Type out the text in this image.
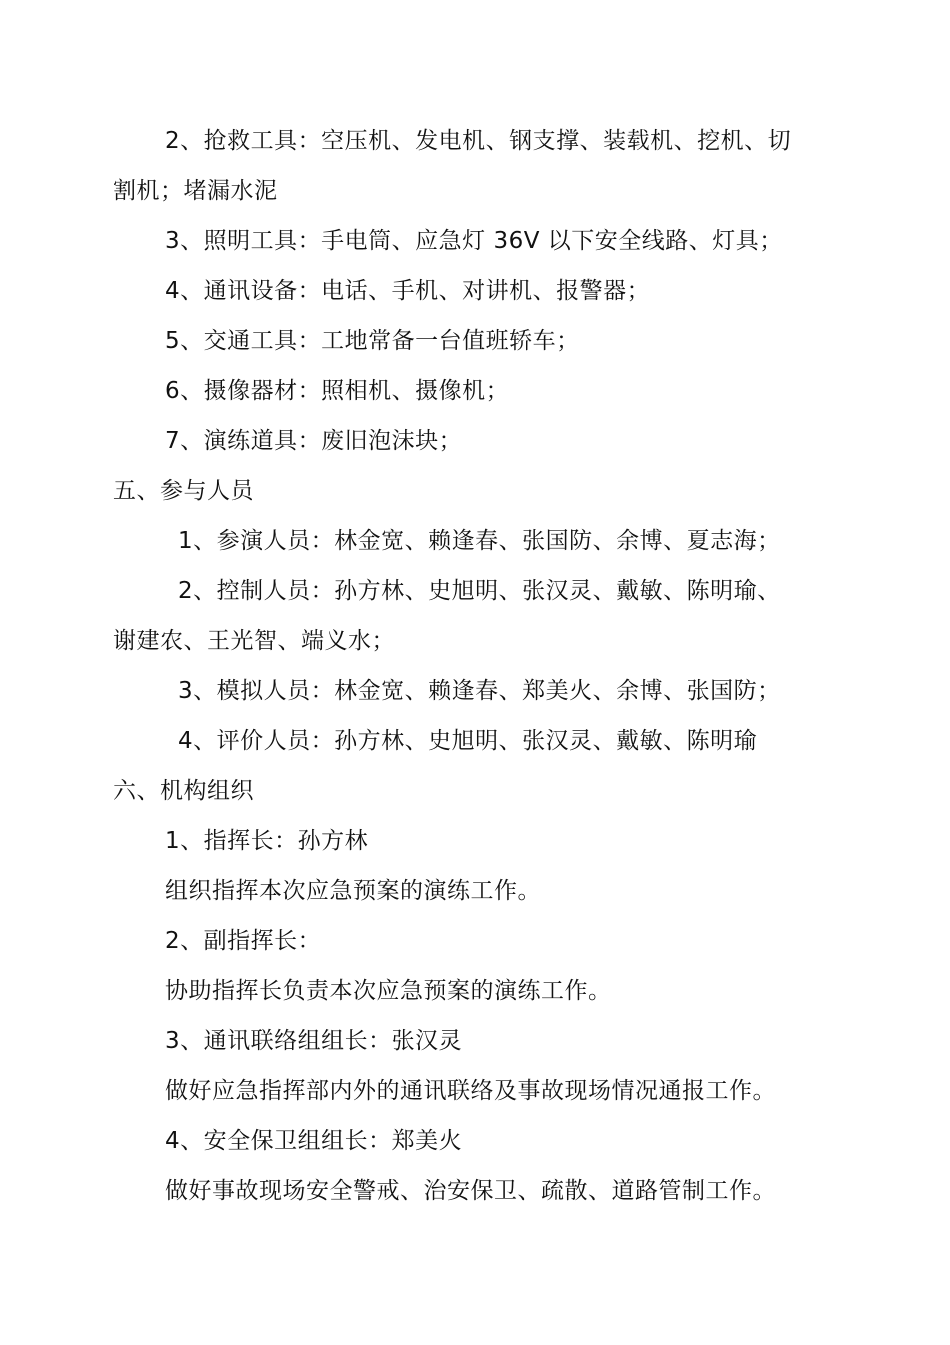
2、抢救工具：空压机、发电机、钢支撑、装载机、挖机、切
割机；堵漏水泥
3、照明工具：手电筒、应急灯 36V 以下安全线路、灯具；
4、通讯设备：电话、手机、对讲机、报警器；
5、交通工具：工地常备一台值班轿车；
6、摄像器材：照相机、摄像机；
7、演练道具：废旧泡沫块；
五、参与人员
1、参演人员：林金宽、赖逢春、张国防、余博、夏志海；
2、控制人员：孙方林、史旭明、张汉灵、戴敏、陈明瑜、
谢建农、王光智、端义水；
3、模拟人员：林金宽、赖逢春、郑美火、余博、张国防；
4、评价人员：孙方林、史旭明、张汉灵、戴敏、陈明瑜
六、机构组织
1、指挥长：孙方林
组织指挥本次应急预案的演练工作。
2、副指挥长：
协助指挥长负责本次应急预案的演练工作。
3、通讯联络组组长：张汉灵
做好应急指挥部内外的通讯联络及事故现场情况通报工作。
4、安全保卫组组长：郑美火
做好事故现场安全警戒、治安保卫、疏散、道路管制工作。
